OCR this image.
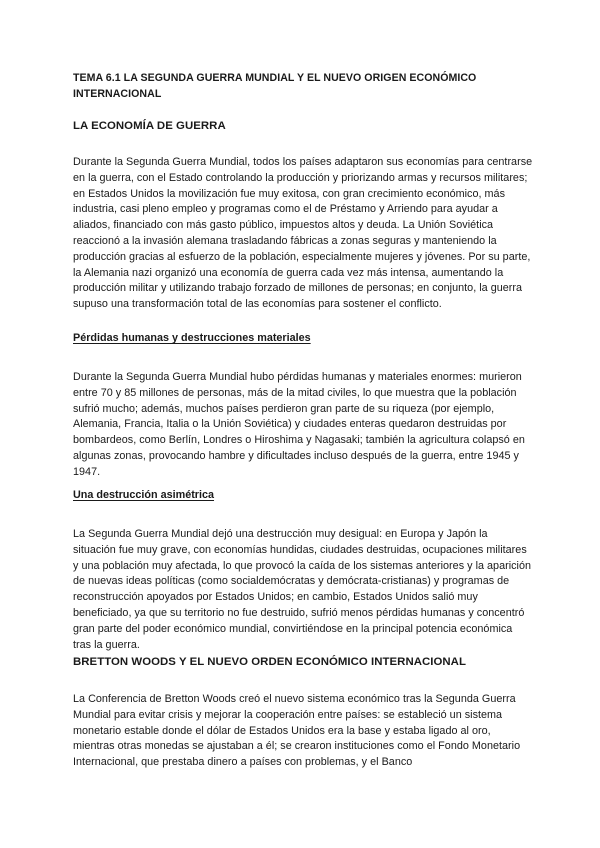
TEMA 6.1 LA SEGUNDA GUERRA MUNDIAL Y EL NUEVO ORIGEN ECONÓMICO INTERNACIONAL
LA ECONOMÍA DE GUERRA

Durante la Segunda Guerra Mundial, todos los países adaptaron sus economías para centrarse en la guerra, con el Estado controlando la producción y priorizando armas y recursos militares; en Estados Unidos la movilización fue muy exitosa, con gran crecimiento económico, más industria, casi pleno empleo y programas como el de Préstamo y Arriendo para ayudar a aliados, financiado con más gasto público, impuestos altos y deuda. La Unión Soviética reaccionó a la invasión alemana trasladando fábricas a zonas seguras y manteniendo la producción gracias al esfuerzo de la población, especialmente mujeres y jóvenes. Por su parte, la Alemania nazi organizó una economía de guerra cada vez más intensa, aumentando la producción militar y utilizando trabajo forzado de millones de personas; en conjunto, la guerra supuso una transformación total de las economías para sostener el conflicto.

Pérdidas humanas y destrucciones materiales

Durante la Segunda Guerra Mundial hubo pérdidas humanas y materiales enormes: murieron entre 70 y 85 millones de personas, más de la mitad civiles, lo que muestra que la población sufrió mucho; además, muchos países perdieron gran parte de su riqueza (por ejemplo, Alemania, Francia, Italia o la Unión Soviética) y ciudades enteras quedaron destruidas por bombardeos, como Berlín, Londres o Hiroshima y Nagasaki; también la agricultura colapsó en algunas zonas, provocando hambre y dificultades incluso después de la guerra, entre 1945 y 1947.

Una destrucción asimétrica

La Segunda Guerra Mundial dejó una destrucción muy desigual: en Europa y Japón la situación fue muy grave, con economías hundidas, ciudades destruidas, ocupaciones militares y una población muy afectada, lo que provocó la caída de los sistemas anteriores y la aparición de nuevas ideas políticas (como socialdemócratas y demócrata-cristianas) y programas de reconstrucción apoyados por Estados Unidos; en cambio, Estados Unidos salió muy beneficiado, ya que su territorio no fue destruido, sufrió menos pérdidas humanas y concentró gran parte del poder económico mundial, convirtiéndose en la principal potencia económica tras la guerra.

BRETTON WOODS Y EL NUEVO ORDEN ECONÓMICO INTERNACIONAL

La Conferencia de Bretton Woods creó el nuevo sistema económico tras la Segunda Guerra Mundial para evitar crisis y mejorar la cooperación entre países: se estableció un sistema monetario estable donde el dólar de Estados Unidos era la base y estaba ligado al oro, mientras otras monedas se ajustaban a él; se crearon instituciones como el Fondo Monetario Internacional, que prestaba dinero a países con problemas, y el Banco
